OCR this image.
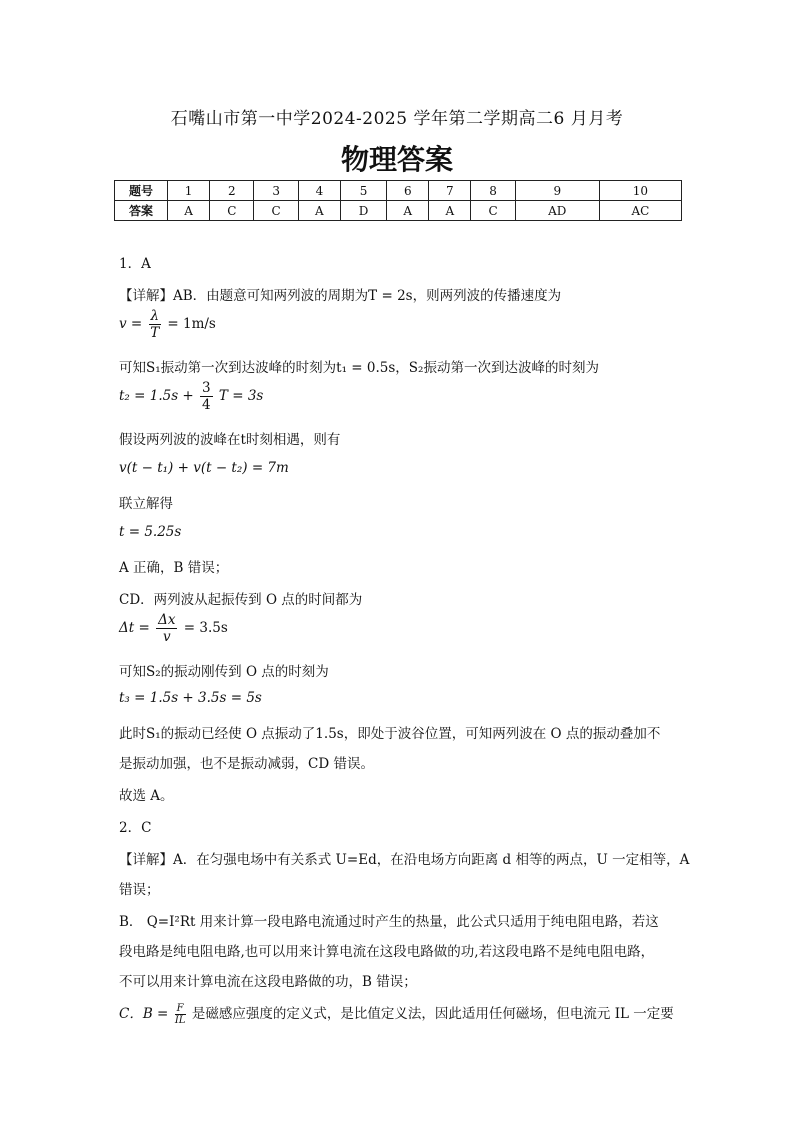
石嘴山市第一中学2024-2025 学年第二学期高二6 月月考
物理答案
题号	1	2	3	4	5	6	7	8	9	10
答案	A	C	C	A	D	A	A	C	AD	AC
1．A
【详解】AB．由题意可知两列波的周期为T = 2s，则两列波的传播速度为
$v = \frac{\lambda}{T} = 1m/s$
可知S₁振动第一次到达波峰的时刻为t₁ = 0.5s，S₂振动第一次到达波峰的时刻为
$t_2 = 1.5s + \frac{3}{4}$ T = 3s
假设两列波的波峰在t时刻相遇，则有
v(t − t₁) + v(t − t₂) = 7m
联立解得
t = 5.25s
A 正确，B 错误；
CD．两列波从起振传到 O 点的时间都为
$\Delta t = \frac{\Delta x}{v} = 3.5s$
可知S₂的振动刚传到 O 点的时刻为
t₃ = 1.5s + 3.5s = 5s
此时S₁的振动已经使 O 点振动了1.5s，即处于波谷位置，可知两列波在 O 点的振动叠加不
是振动加强，也不是振动减弱，CD 错误。
故选 A。
2．C
【详解】A．在匀强电场中有关系式 U=Ed，在沿电场方向距离 d 相等的两点，U 一定相等，A
错误；
B． Q=I²Rt 用来计算一段电路电流通过时产生的热量，此公式只适用于纯电阻电路，若这
段电路是纯电阻电路,也可以用来计算电流在这段电路做的功,若这段电路不是纯电阻电路，
不可以用来计算电流在这段电路做的功，B 错误；
C．$B = \frac{F}{IL}$ 是磁感应强度的定义式，是比值定义法，因此适用任何磁场，但电流元 IL 一定要
